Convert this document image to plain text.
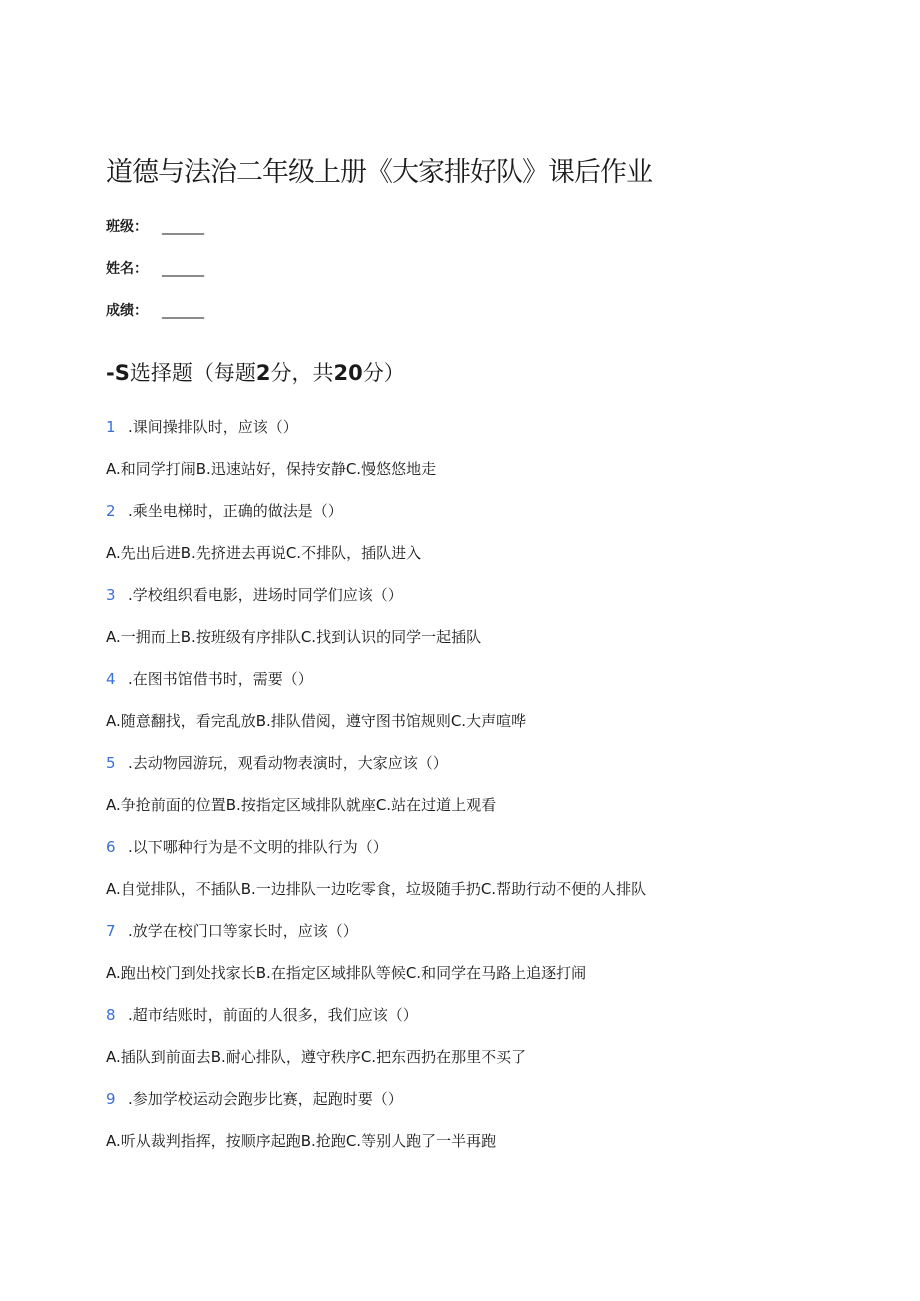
道德与法治二年级上册《大家排好队》课后作业
班级： ______
姓名： ______
成绩： ______
-S选择题（每题2分，共20分）
1 .课间操排队时，应该（）
A.和同学打闹B.迅速站好，保持安静C.慢悠悠地走
2 .乘坐电梯时，正确的做法是（）
A.先出后进B.先挤进去再说C.不排队，插队进入
3 .学校组织看电影，进场时同学们应该（）
A.一拥而上B.按班级有序排队C.找到认识的同学一起插队
4 .在图书馆借书时，需要（）
A.随意翻找，看完乱放B.排队借阅，遵守图书馆规则C.大声喧哗
5 .去动物园游玩，观看动物表演时，大家应该（）
A.争抢前面的位置B.按指定区域排队就座C.站在过道上观看
6 .以下哪种行为是不文明的排队行为（）
A.自觉排队，不插队B.一边排队一边吃零食，垃圾随手扔C.帮助行动不便的人排队
7 .放学在校门口等家长时，应该（）
A.跑出校门到处找家长B.在指定区域排队等候C.和同学在马路上追逐打闹
8 .超市结账时，前面的人很多，我们应该（）
A.插队到前面去B.耐心排队，遵守秩序C.把东西扔在那里不买了
9 .参加学校运动会跑步比赛，起跑时要（）
A.听从裁判指挥，按顺序起跑B.抢跑C.等别人跑了一半再跑
